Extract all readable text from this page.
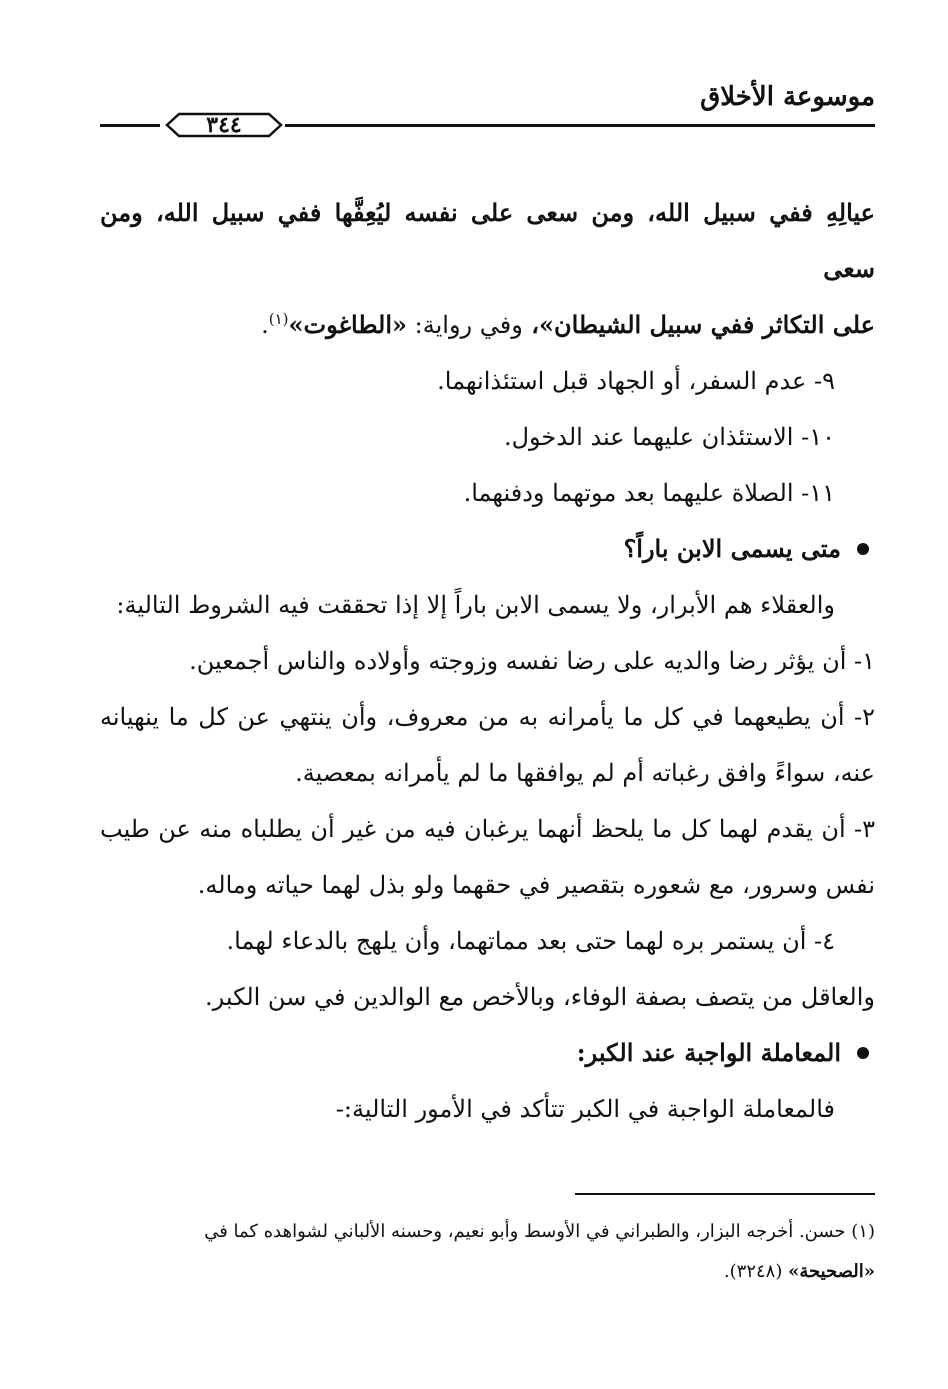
موسوعة الأخلاق
٣٤٤

عيالِهِ ففي سبيل الله، ومن سعى على نفسه ليُعِفَّها ففي سبيل الله، ومن سعى

على التكاثر ففي سبيل الشيطان»، وفي رواية: «الطاغوت»$^{(١)}$.

٩- عدم السفر، أو الجهاد قبل استئذانهما.

١٠- الاستئذان عليهما عند الدخول.

١١- الصلاة عليهما بعد موتهما ودفنهما.

متى يسمى الابن باراً؟

والعقلاء هم الأبرار، ولا يسمى الابن باراً إلا إذا تحققت فيه الشروط التالية:

١- أن يؤثر رضا والديه على رضا نفسه وزوجته وأولاده والناس أجمعين.

٢- أن يطيعهما في كل ما يأمرانه به من معروف، وأن ينتهي عن كل ما ينهيانه عنه، سواءً وافق رغباته أم لم يوافقها ما لم يأمرانه بمعصية.

٣- أن يقدم لهما كل ما يلحظ أنهما يرغبان فيه من غير أن يطلباه منه عن طيب نفس وسرور، مع شعوره بتقصير في حقهما ولو بذل لهما حياته وماله.

٤- أن يستمر بره لهما حتى بعد مماتهما، وأن يلهج بالدعاء لهما.

والعاقل من يتصف بصفة الوفاء، وبالأخص مع الوالدين في سن الكبر.

المعاملة الواجبة عند الكبر:

فالمعاملة الواجبة في الكبر تتأكد في الأمور التالية:-

(١) حسن. أخرجه البزار، والطبراني في الأوسط وأبو نعيم، وحسنه الألباني لشواهده كما في

«الصحيحة» (٣٢٤٨).
